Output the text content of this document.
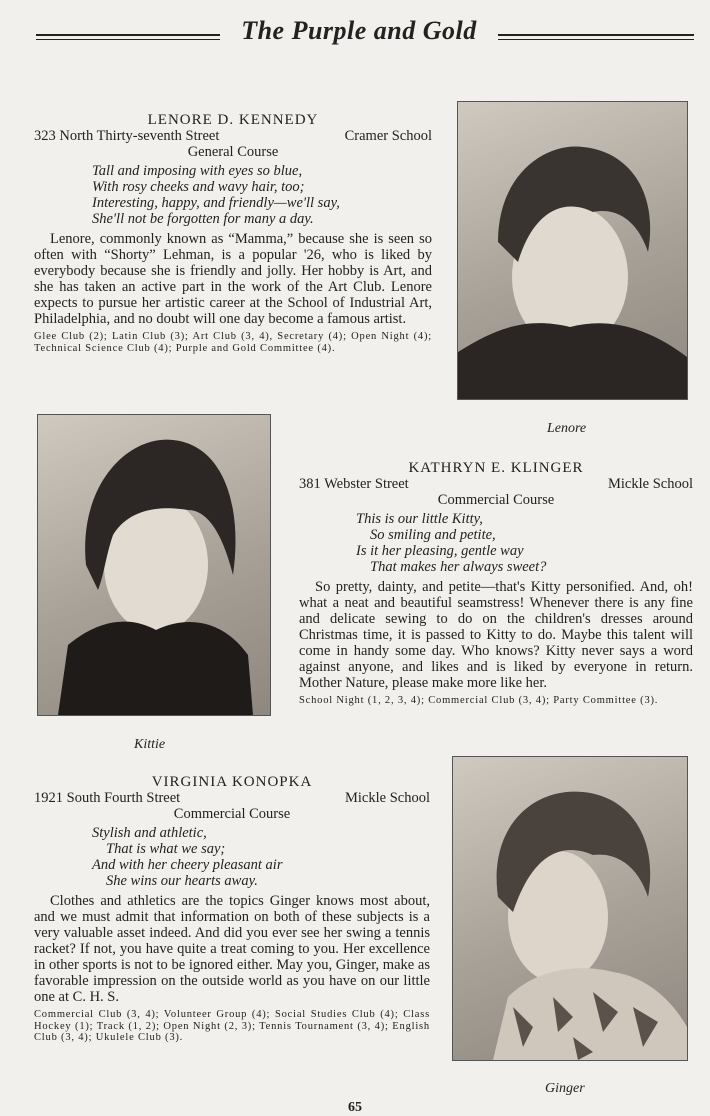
The Purple and Gold
LENORE D. KENNEDY
323 North Thirty-seventh Street	Cramer School
General Course
Tall and imposing with eyes so blue,
With rosy cheeks and wavy hair, too;
Interesting, happy, and friendly—we'll say,
She'll not be forgotten for many a day.
Lenore, commonly known as “Mamma,” because she is seen so often with “Shorty” Lehman, is a popular '26, who is liked by everybody because she is friendly and jolly. Her hobby is Art, and she has taken an active part in the work of the Art Club. Lenore expects to pursue her artistic career at the School of Industrial Art, Philadelphia, and no doubt will one day become a famous artist.
Glee Club (2); Latin Club (3); Art Club (3, 4), Secretary (4); Open Night (4); Technical Science Club (4); Purple and Gold Committee (4).
Lenore
Kittie
KATHRYN E. KLINGER
381 Webster Street	Mickle School
Commercial Course
This is our little Kitty,
So smiling and petite,
Is it her pleasing, gentle way
That makes her always sweet?
So pretty, dainty, and petite—that's Kitty personified. And, oh! what a neat and beautiful seamstress! Whenever there is any fine and delicate sewing to do on the children's dresses around Christmas time, it is passed to Kitty to do. Maybe this talent will come in handy some day. Who knows? Kitty never says a word against anyone, and likes and is liked by everyone in return. Mother Nature, please make more like her.
School Night (1, 2, 3, 4); Commercial Club (3, 4); Party Committee (3).
VIRGINIA KONOPKA
1921 South Fourth Street	Mickle School
Commercial Course
Stylish and athletic,
That is what we say;
And with her cheery pleasant air
She wins our hearts away.
Clothes and athletics are the topics Ginger knows most about, and we must admit that information on both of these subjects is a very valuable asset indeed. And did you ever see her swing a tennis racket? If not, you have quite a treat coming to you. Her excellence in other sports is not to be ignored either. May you, Ginger, make as favorable impression on the outside world as you have on our little one at C. H. S.
Commercial Club (3, 4); Volunteer Group (4); Social Studies Club (4); Class Hockey (1); Track (1, 2); Open Night (2, 3); Tennis Tournament (3, 4); English Club (3, 4); Ukulele Club (3).
Ginger
65
